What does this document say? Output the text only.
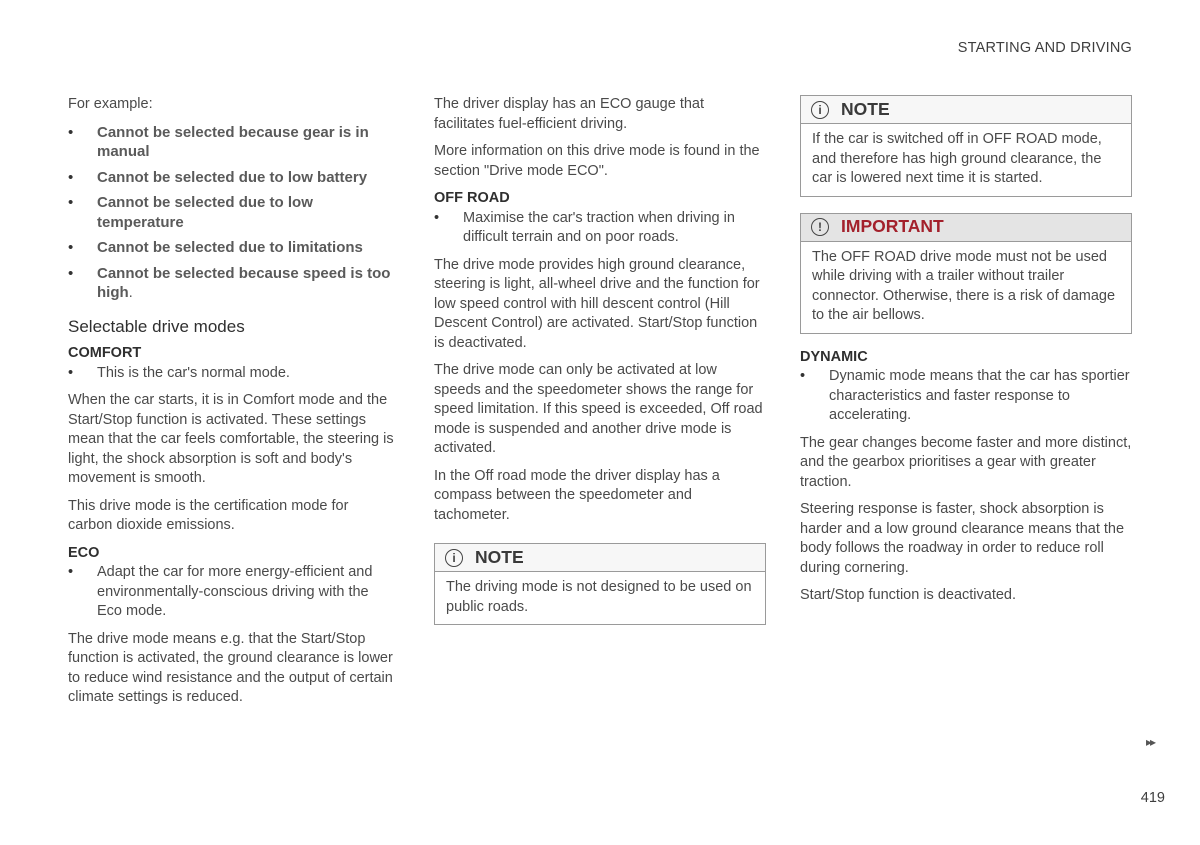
STARTING AND DRIVING

For example:

• Cannot be selected because gear is in manual
• Cannot be selected due to low battery
• Cannot be selected due to low temperature
• Cannot be selected due to limitations
• Cannot be selected because speed is too high.
Selectable drive modes
COMFORT
• This is the car's normal mode.

When the car starts, it is in Comfort mode and the Start/Stop function is activated. These settings mean that the car feels comfortable, the steering is light, the shock absorption is soft and body's movement is smooth.

This drive mode is the certification mode for carbon dioxide emissions.

ECO
• Adapt the car for more energy-efficient and environmentally-conscious driving with the Eco mode.

The drive mode means e.g. that the Start/Stop function is activated, the ground clearance is lower to reduce wind resistance and the output of certain climate settings is reduced.

The driver display has an ECO gauge that facilitates fuel-efficient driving.

More information on this drive mode is found in the section "Drive mode ECO".

OFF ROAD
• Maximise the car's traction when driving in difficult terrain and on poor roads.

The drive mode provides high ground clearance, steering is light, all-wheel drive and the function for low speed control with hill descent control (Hill Descent Control) are activated. Start/Stop function is deactivated.

The drive mode can only be activated at low speeds and the speedometer shows the range for speed limitation. If this speed is exceeded, Off road mode is suspended and another drive mode is activated.

In the Off road mode the driver display has a compass between the speedometer and tachometer.

i	NOTE
The driving mode is not designed to be used on public roads.
i	NOTE
If the car is switched off in OFF ROAD mode, and therefore has high ground clearance, the car is lowered next time it is started.
!	IMPORTANT
The OFF ROAD drive mode must not be used while driving with a trailer without trailer connector. Otherwise, there is a risk of damage to the air bellows.
DYNAMIC
• Dynamic mode means that the car has sportier characteristics and faster response to accelerating.

The gear changes become faster and more distinct, and the gearbox prioritises a gear with greater traction.

Steering response is faster, shock absorption is harder and a low ground clearance means that the body follows the roadway in order to reduce roll during cornering.

Start/Stop function is deactivated.

▸▸
419
